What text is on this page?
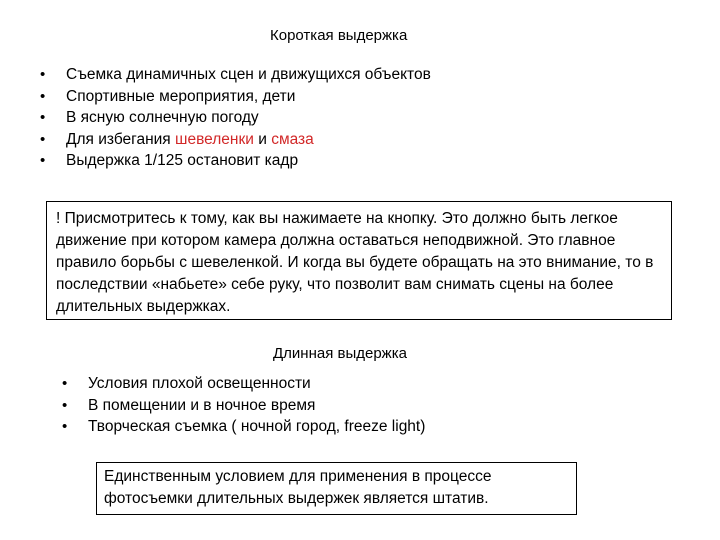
Короткая выдержка
• Съемка динамичных сцен и движущихся объектов
• Спортивные мероприятия, дети
• В ясную солнечную погоду
• Для избегания шевеленки и смаза
• Выдержка 1/125 остановит кадр
! Присмотритесь к тому, как вы нажимаете на кнопку. Это должно быть легкое движение при котором камера должна оставаться неподвижной. Это главное правило борьбы с шевеленкой. И когда вы будете обращать на это внимание, то в последствии «набьете» себе руку, что позволит вам снимать сцены на более длительных выдержках.
Длинная выдержка
• Условия плохой освещенности
• В помещении и в ночное время
• Творческая съемка ( ночной город, freeze light)
Единственным условием для применения в процессе фотосъемки длительных выдержек является штатив.
